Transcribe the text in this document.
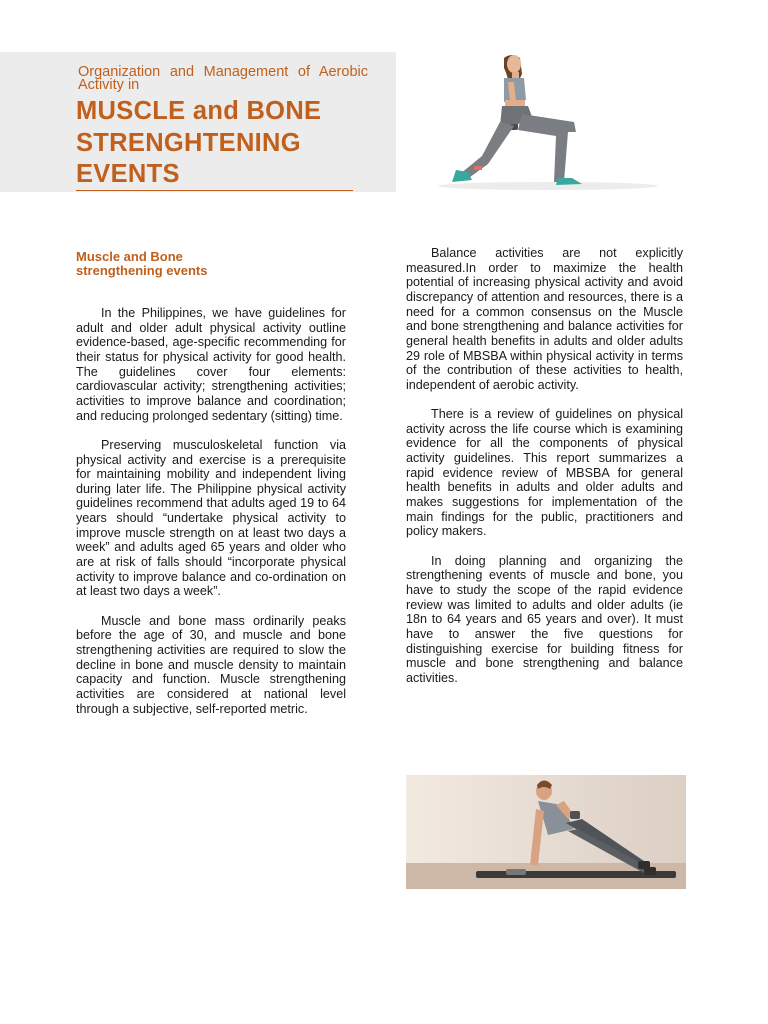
Organization and Management of Aerobic Activity in
MUSCLE and BONE
STRENGHTENING
EVENTS
Muscle and Bone
strengthening events

In the Philippines, we have guidelines for adult and older adult physical activity outline evidence-based, age-specific recommending for their status for physical activity for good health. The guidelines cover four elements: cardiovascular activity; strengthening activities; activities to improve balance and coordination; and reducing prolonged sedentary (sitting) time.

Preserving musculoskeletal function via physical activity and exercise is a prerequisite for maintaining mobility and independent living during later life. The Philippine physical activity guidelines recommend that adults aged 19 to 64 years should “undertake physical activity to improve muscle strength on at least two days a week” and adults aged 65 years and older who are at risk of falls should “incorporate physical activity to improve balance and co-ordination on at least two days a week”.

Muscle and bone mass ordinarily peaks before the age of 30, and muscle and bone strengthening activities are required to slow the decline in bone and muscle density to maintain capacity and function. Muscle strengthening activities are considered at national level through a subjective, self-reported metric.

Balance activities are not explicitly measured.In order to maximize the health potential of increasing physical activity and avoid discrepancy of attention and resources, there is a need for a common consensus on the Muscle and bone strengthening and balance activities for general health benefits in adults and older adults 29 role of MBSBA within physical activity in terms of the contribution of these activities to health, independent of aerobic activity.

There is a review of guidelines on physical activity across the life course which is examining evidence for all the components of physical activity guidelines. This report summarizes a rapid evidence review of MBSBA for general health benefits in adults and older adults and makes suggestions for implementation of the main findings for the public, practitioners and policy makers.

In doing planning and organizing the strengthening events of muscle and bone, you have to study the scope of the rapid evidence review was limited to adults and older adults (ie 18n to 64 years and 65 years and over). It must have to answer the five questions for distinguishing exercise for building fitness for muscle and bone strengthening and balance activities.
